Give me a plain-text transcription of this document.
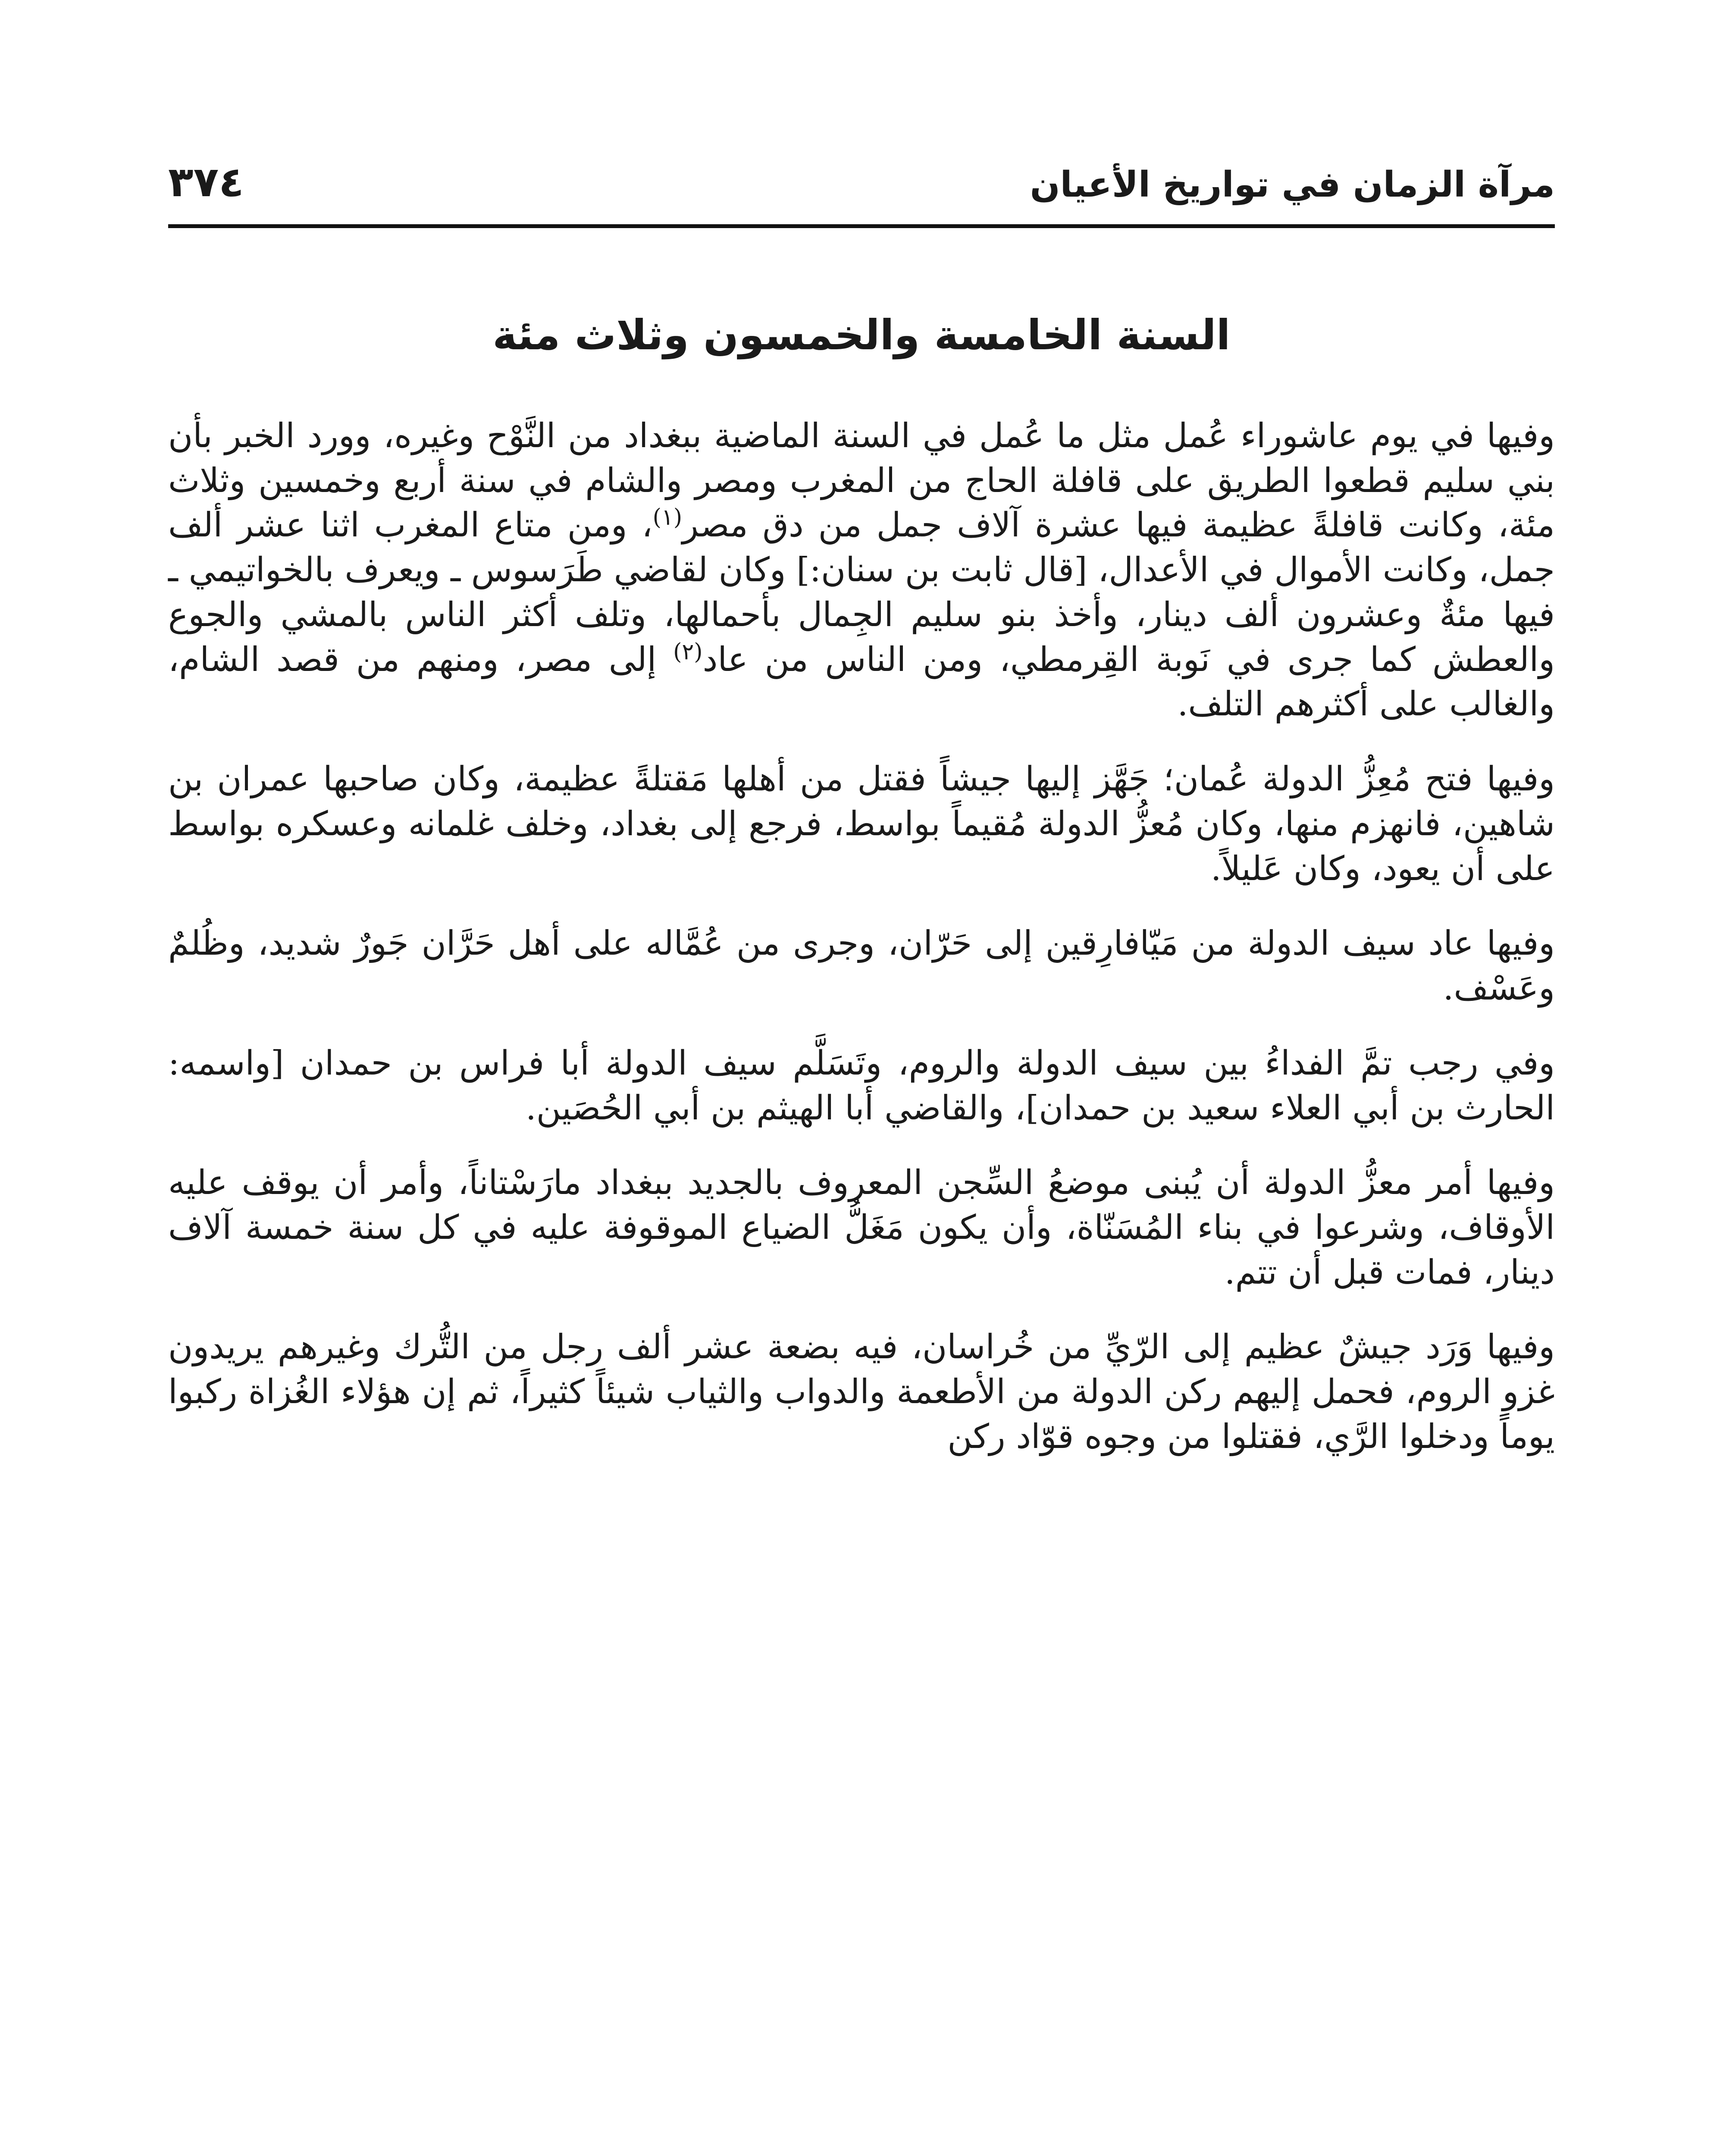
مرآة الزمان في تواريخ الأعيان
٣٧٤
السنة الخامسة والخمسون وثلاث مئة

وفيها في يوم عاشوراء عُمل مثل ما عُمل في السنة الماضية ببغداد من النَّوْح وغيره، وورد الخبر بأن بني سليم قطعوا الطريق على قافلة الحاج من المغرب ومصر والشام في سنة أربع وخمسين وثلاث مئة، وكانت قافلةً عظيمة فيها عشرة آلاف جمل من دق مصر$^{(١)}$، ومن متاع المغرب اثنا عشر ألف جمل، وكانت الأموال في الأعدال، [قال ثابت بن سنان:] وكان لقاضي طَرَسوس ـ ويعرف بالخواتيمي ـ فيها مئةٌ وعشرون ألف دينار، وأخذ بنو سليم الجِمال بأحمالها، وتلف أكثر الناس بالمشي والجوع والعطش كما جرى في نَوبة القِرمطي، ومن الناس من عاد$^{(٢)}$ إلى مصر، ومنهم من قصد الشام، والغالب على أكثرهم التلف.

وفيها فتح مُعِزُّ الدولة عُمان؛ جَهَّز إليها جيشاً فقتل من أهلها مَقتلةً عظيمة، وكان صاحبها عمران بن شاهين، فانهزم منها، وكان مُعزُّ الدولة مُقيماً بواسط، فرجع إلى بغداد، وخلف غلمانه وعسكره بواسط على أن يعود، وكان عَليلاً.

وفيها عاد سيف الدولة من مَيّافارِقين إلى حَرّان، وجرى من عُمَّاله على أهل حَرَّان جَورٌ شديد، وظُلمٌ وعَسْف.

وفي رجب تمَّ الفداءُ بين سيف الدولة والروم، وتَسَلَّم سيف الدولة أبا فراس بن حمدان [واسمه: الحارث بن أبي العلاء سعيد بن حمدان]، والقاضي أبا الهيثم بن أبي الحُصَين.

وفيها أمر معزُّ الدولة أن يُبنى موضعُ السِّجن المعروف بالجديد ببغداد مارَسْتاناً، وأمر أن يوقف عليه الأوقاف، وشرعوا في بناء المُسَنّاة، وأن يكون مَغَلُّ الضياع الموقوفة عليه في كل سنة خمسة آلاف دينار، فمات قبل أن تتم.

وفيها وَرَد جيشٌ عظيم إلى الرّيِّ من خُراسان، فيه بضعة عشر ألف رجل من التُّرك وغيرهم يريدون غزو الروم، فحمل إليهم ركن الدولة من الأطعمة والدواب والثياب شيئاً كثيراً، ثم إن هؤلاء الغُزاة ركبوا يوماً ودخلوا الرَّي، فقتلوا من وجوه قوّاد ركن
